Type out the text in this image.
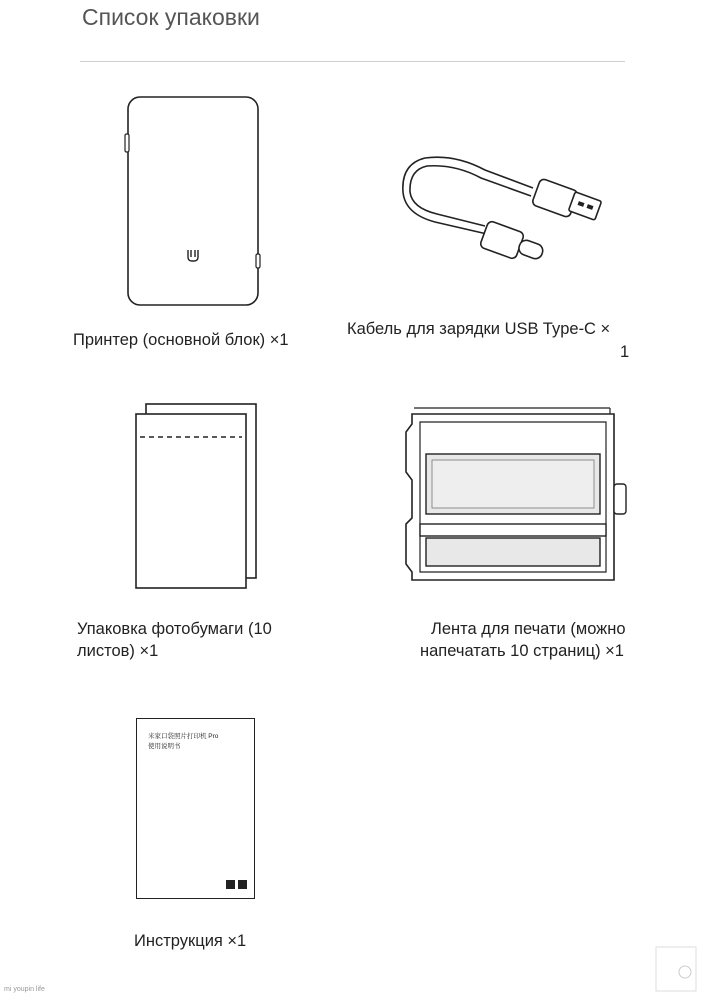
Список упаковки
Принтер (основной блок) ×1
Кабель для зарядки USB Type-C ×
1
Упаковка фотобумаги (10
листов) ×1
Лента для печати (можно
напечатать 10 страниц) ×1
米家口袋照片打印机 Pro
使用说明书
Инструкция ×1
mi youpin life
